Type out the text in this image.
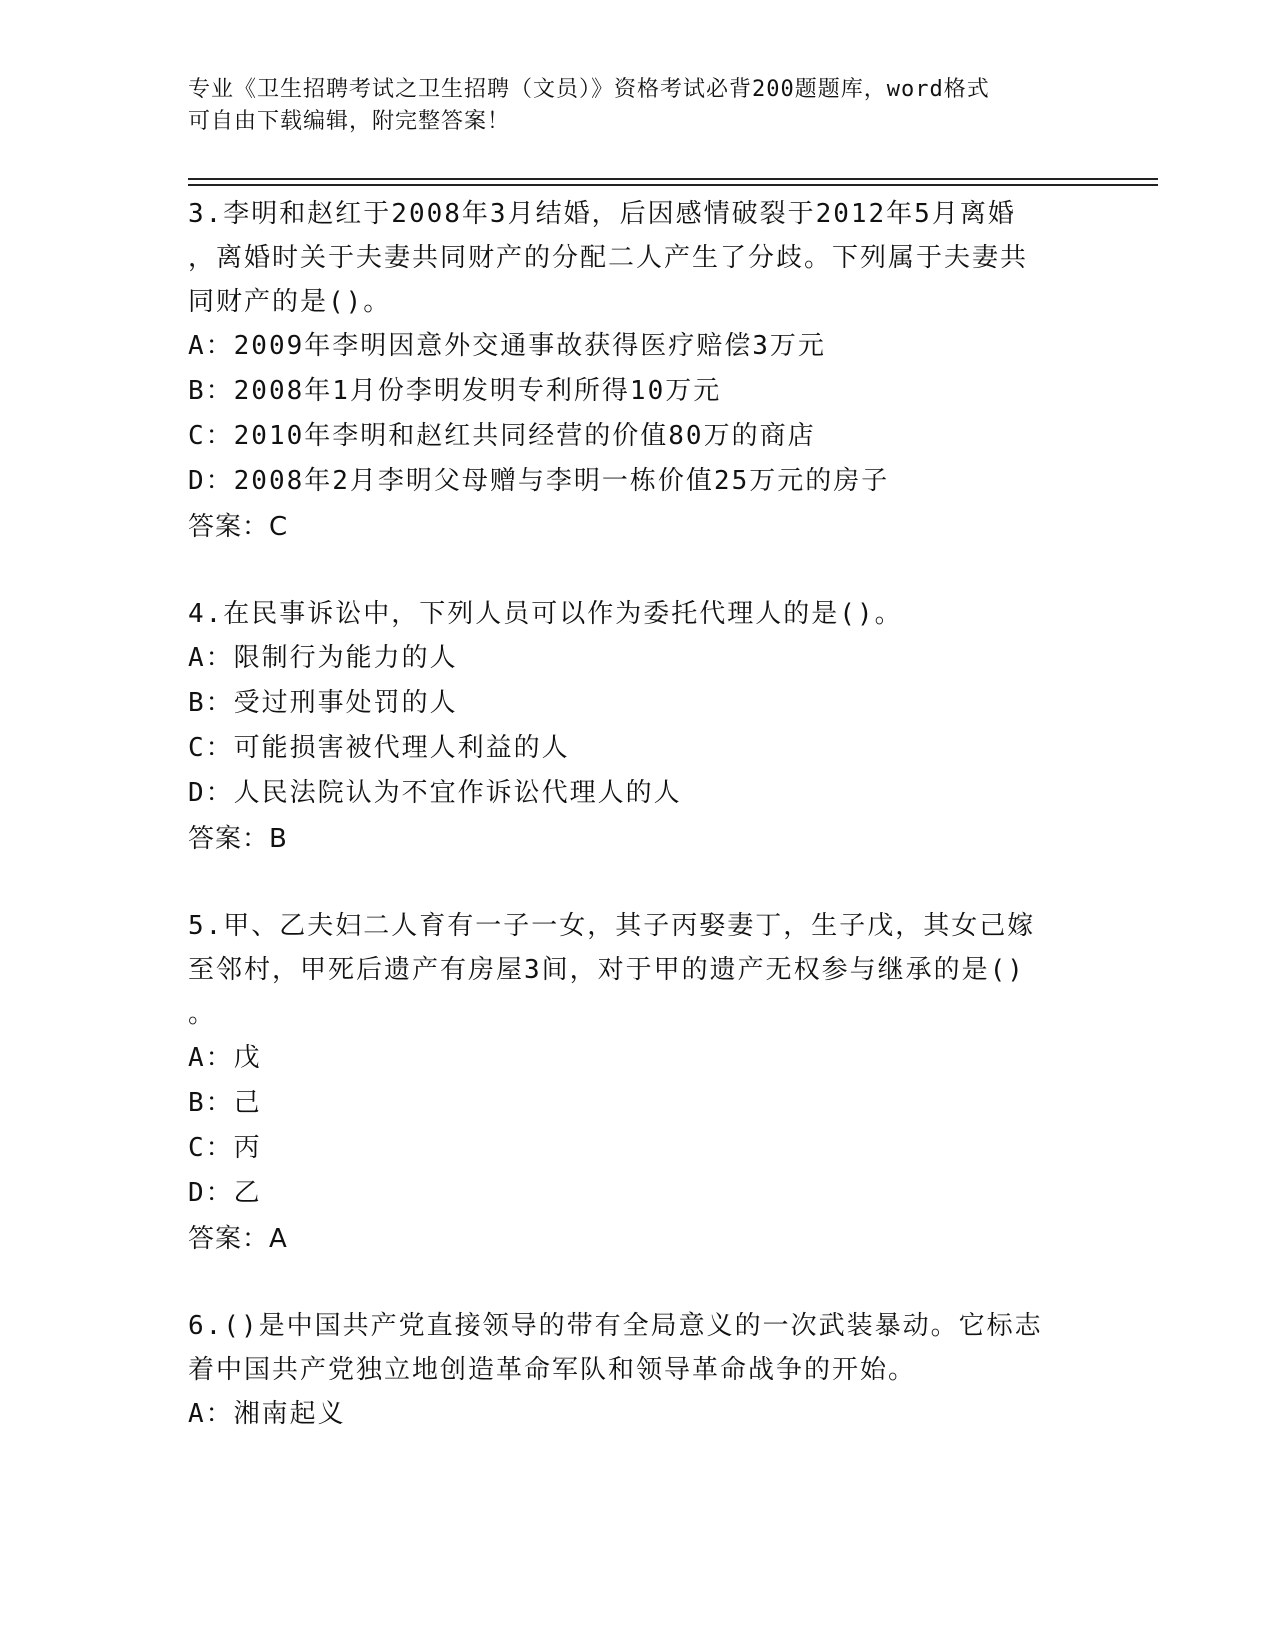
专业《卫生招聘考试之卫生招聘（文员）》资格考试必背200题题库，word格式
可自由下载编辑，附完整答案！
3.李明和赵红于2008年3月结婚，后因感情破裂于2012年5月离婚
，离婚时关于夫妻共同财产的分配二人产生了分歧。下列属于夫妻共
同财产的是()。
A：2009年李明因意外交通事故获得医疗赔偿3万元
B：2008年1月份李明发明专利所得10万元
C：2010年李明和赵红共同经营的价值80万的商店
D：2008年2月李明父母赠与李明一栋价值25万元的房子
答案：C
4.在民事诉讼中，下列人员可以作为委托代理人的是()。
A：限制行为能力的人
B：受过刑事处罚的人
C：可能损害被代理人利益的人
D：人民法院认为不宜作诉讼代理人的人
答案：B
5.甲、乙夫妇二人育有一子一女，其子丙娶妻丁，生子戊，其女己嫁
至邻村，甲死后遗产有房屋3间，对于甲的遗产无权参与继承的是()
。
A：戊
B：己
C：丙
D：乙
答案：A
6.()是中国共产党直接领导的带有全局意义的一次武装暴动。它标志
着中国共产党独立地创造革命军队和领导革命战争的开始。
A：湘南起义
